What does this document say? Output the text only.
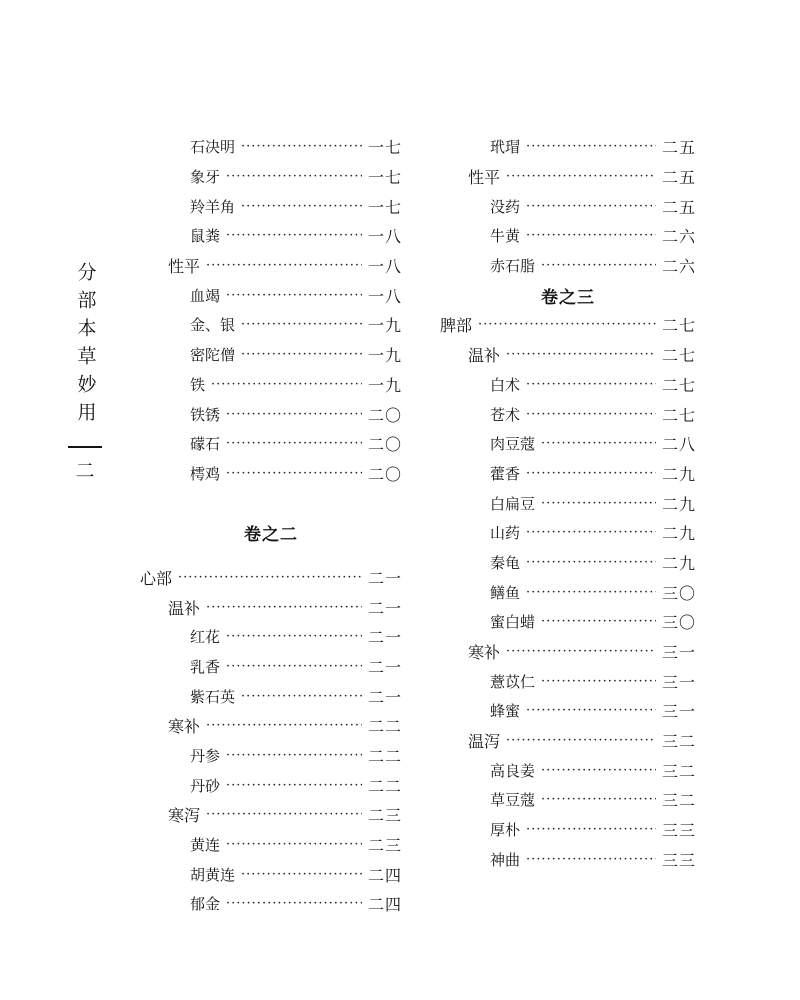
分部本草妙用
二
石决明 ·····	一七
象牙 ·····	一七
羚羊角 ·····	一七
鼠粪 ·····	一八
性平 ·····	一八
血竭 ·····	一八
金、银 ·····	一九
密陀僧 ·····	一九
铁 ·····	一九
铁锈 ·····	二〇
礞石 ·····	二〇
樗鸡 ·····	二〇
卷之二
心部 ·····	二一
温补 ·····	二一
红花 ·····	二一
乳香 ·····	二一
紫石英 ·····	二一
寒补 ·····	二二
丹参 ·····	二二
丹砂 ·····	二二
寒泻 ·····	二三
黄连 ·····	二三
胡黄连 ·····	二四
郁金 ·····	二四
玳瑁 ·····	二五
性平 ·····	二五
没药 ·····	二五
牛黄 ·····	二六
赤石脂 ·····	二六
卷之三
脾部 ·····	二七
温补 ·····	二七
白术 ·····	二七
苍术 ·····	二七
肉豆蔻 ·····	二八
藿香 ·····	二九
白扁豆 ·····	二九
山药 ·····	二九
秦龟 ·····	二九
鳝鱼 ·····	三〇
蜜白蜡 ·····	三〇
寒补 ·····	三一
薏苡仁 ·····	三一
蜂蜜 ·····	三一
温泻 ·····	三二
高良姜 ·····	三二
草豆蔻 ·····	三二
厚朴 ·····	三三
神曲 ·····	三三
